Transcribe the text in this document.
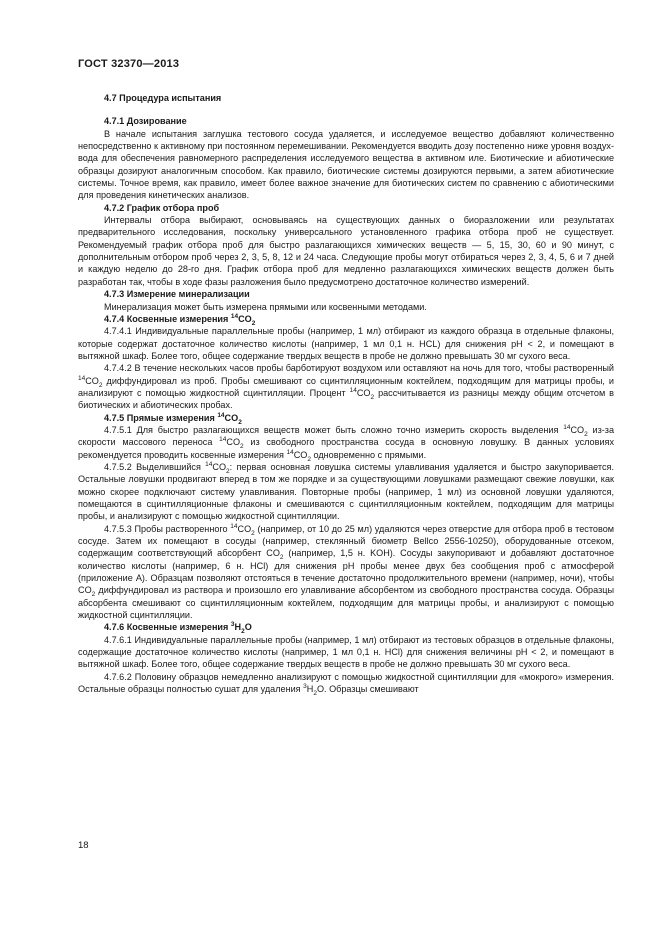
ГОСТ 32370—2013
4.7 Процедура испытания
4.7.1 Дозирование

В начале испытания заглушка тестового сосуда удаляется, и исследуемое вещество добавляют количественно непосредственно к активному при постоянном перемешивании. Рекомендуется вводить дозу постепенно ниже уровня воздух-вода для обеспечения равномерного распределения исследуемого вещества в активном иле. Биотические и абиотические образцы дозируют аналогичным способом. Как правило, биотические системы дозируются первыми, а затем абиотические системы. Точное время, как правило, имеет более важное значение для биотических систем по сравнению с абиотическими для проведения кинетических анализов.

4.7.2 График отбора проб

Интервалы отбора выбирают, основываясь на существующих данных о биоразложении или результатах предварительного исследования, поскольку универсального установленного графика отбора проб не существует. Рекомендуемый график отбора проб для быстро разлагающихся химических веществ — 5, 15, 30, 60 и 90 минут, с дополнительным отбором проб через 2, 3, 5, 8, 12 и 24 часа. Следующие пробы могут отбираться через 2, 3, 4, 5, 6 и 7 дней и каждую неделю до 28-го дня. График отбора проб для медленно разлагающихся химических веществ должен быть разработан так, чтобы в ходе фазы разложения было предусмотрено достаточное количество измерений.

4.7.3 Измерение минерализации

Минерализация может быть измерена прямыми или косвенными методами.

4.7.4 Косвенные измерения $^{14}CO_2$

4.7.4.1 Индивидуальные параллельные пробы (например, 1 мл) отбирают из каждого образца в отдельные флаконы, которые содержат достаточное количество кислоты (например, 1 мл 0,1 н. HCL) для снижения pH < 2, и помещают в вытяжной шкаф. Более того, общее содержание твердых веществ в пробе не должно превышать 30 мг сухого веса.

4.7.4.2 В течение нескольких часов пробы барботируют воздухом или оставляют на ночь для того, чтобы растворенный $^{14}CO_2$ диффундировал из проб. Пробы смешивают со сцинтилляционным коктейлем, подходящим для матрицы пробы, и анализируют с помощью жидкостной сцинтилляции. Процент $^{14}CO_2$ рассчитывается из разницы между общим отсчетом в биотических и абиотических пробах.

4.7.5 Прямые измерения $^{14}CO_2$

4.7.5.1 Для быстро разлагающихся веществ может быть сложно точно измерить скорость выделения $^{14}CO_2$ из-за скорости массового переноса $^{14}CO_2$ из свободного пространства сосуда в основную ловушку. В данных условиях рекомендуется проводить косвенные измерения $^{14}CO_2$ одновременно с прямыми.

4.7.5.2 Выделившийся $^{14}CO_2$: первая основная ловушка системы улавливания удаляется и быстро закупоривается. Остальные ловушки продвигают вперед в том же порядке и за существующими ловушками размещают свежие ловушки, как можно скорее подключают систему улавливания. Повторные пробы (например, 1 мл) из основной ловушки удаляются, помещаются в сцинтилляционные флаконы и смешиваются с сцинтилляционным коктейлем, подходящим для матрицы пробы, и анализируют с помощью жидкостной сцинтилляции.

4.7.5.3 Пробы растворенного $^{14}CO_2$ (например, от 10 до 25 мл) удаляются через отверстие для отбора проб в тестовом сосуде. Затем их помещают в сосуды (например, стеклянный биометр Bellco 2556-10250), оборудованные отсеком, содержащим соответствующий абсорбент $CO_2$ (например, 1,5 н. KOH). Сосуды закупоривают и добавляют достаточное количество кислоты (например, 6 н. HCl) для снижения pH пробы менее двух без сообщения проб с атмосферой (приложение А). Образцам позволяют отстояться в течение достаточно продолжительного времени (например, ночи), чтобы $CO_2$ диффундировал из раствора и произошло его улавливание абсорбентом из свободного пространства сосуда. Образцы абсорбента смешивают со сцинтилляционным коктейлем, подходящим для матрицы пробы, и анализируют с помощью жидкостной сцинтилляции.

4.7.6 Косвенные измерения $^3H_2O$

4.7.6.1 Индивидуальные параллельные пробы (например, 1 мл) отбирают из тестовых образцов в отдельные флаконы, содержащие достаточное количество кислоты (например, 1 мл 0,1 н. HCl) для снижения величины pH < 2, и помещают в вытяжной шкаф. Более того, общее содержание твердых веществ в пробе не должно превышать 30 мг сухого веса.

4.7.6.2 Половину образцов немедленно анализируют с помощью жидкостной сцинтилляции для «мокрого» измерения. Остальные образцы полностью сушат для удаления $^3H_2O$. Образцы смешивают

18
